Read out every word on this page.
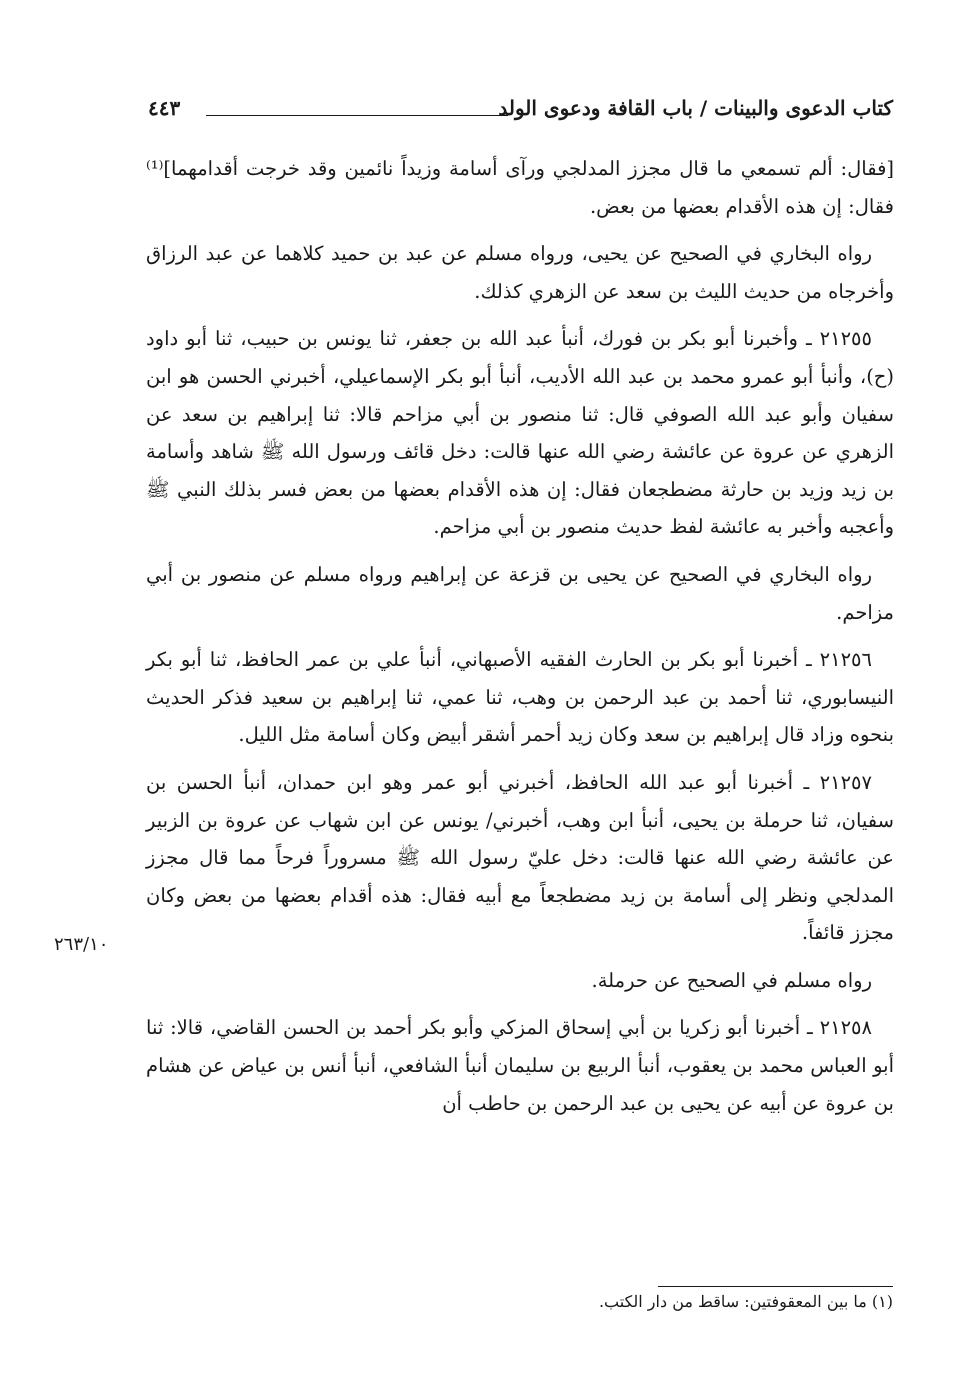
٤٤٣	كتاب الدعوى والبينات / باب القافة ودعوى الولد

[فقال: ألم تسمعي ما قال مجزز المدلجي ورآى أسامة وزيداً نائمين وقد خرجت أقدامهما]⁽¹⁾ فقال: إن هذه الأقدام بعضها من بعض.

رواه البخاري في الصحيح عن يحيى، ورواه مسلم عن عبد بن حميد كلاهما عن عبد الرزاق وأخرجاه من حديث الليث بن سعد عن الزهري كذلك.

٢١٢٥٥ ـ وأخبرنا أبو بكر بن فورك، أنبأ عبد الله بن جعفر، ثنا يونس بن حبيب، ثنا أبو داود (ح)، وأنبأ أبو عمرو محمد بن عبد الله الأديب، أنبأ أبو بكر الإسماعيلي، أخبرني الحسن هو ابن سفيان وأبو عبد الله الصوفي قال: ثنا منصور بن أبي مزاحم قالا: ثنا إبراهيم بن سعد عن الزهري عن عروة عن عائشة رضي الله عنها قالت: دخل قائف ورسول الله ﷺ شاهد وأسامة بن زيد وزيد بن حارثة مضطجعان فقال: إن هذه الأقدام بعضها من بعض فسر بذلك النبي ﷺ وأعجبه وأخبر به عائشة لفظ حديث منصور بن أبي مزاحم.

رواه البخاري في الصحيح عن يحيى بن قزعة عن إبراهيم ورواه مسلم عن منصور بن أبي مزاحم.

٢١٢٥٦ ـ أخبرنا أبو بكر بن الحارث الفقيه الأصبهاني، أنبأ علي بن عمر الحافظ، ثنا أبو بكر النيسابوري، ثنا أحمد بن عبد الرحمن بن وهب، ثنا عمي، ثنا إبراهيم بن سعيد فذكر الحديث بنحوه وزاد قال إبراهيم بن سعد وكان زيد أحمر أشقر أبيض وكان أسامة مثل الليل.

٢١٢٥٧ ـ أخبرنا أبو عبد الله الحافظ، أخبرني أبو عمر وهو ابن حمدان، أنبأ الحسن بن سفيان، ثنا حرملة بن يحيى، أنبأ ابن وهب، أخبرني/ يونس عن ابن شهاب عن عروة بن الزبير عن عائشة رضي الله عنها قالت: دخل عليّ رسول الله ﷺ مسروراً فرحاً مما قال مجزز المدلجي ونظر إلى أسامة بن زيد مضطجعاً مع أبيه فقال: هذه أقدام بعضها من بعض وكان مجزز قائفاً.

رواه مسلم في الصحيح عن حرملة.

٢١٢٥٨ ـ أخبرنا أبو زكريا بن أبي إسحاق المزكي وأبو بكر أحمد بن الحسن القاضي، قالا: ثنا أبو العباس محمد بن يعقوب، أنبأ الربيع بن سليمان أنبأ الشافعي، أنبأ أنس بن عياض عن هشام بن عروة عن أبيه عن يحيى بن عبد الرحمن بن حاطب أن

٢٦٣/١٠
(١) ما بين المعقوفتين: ساقط من دار الكتب.
